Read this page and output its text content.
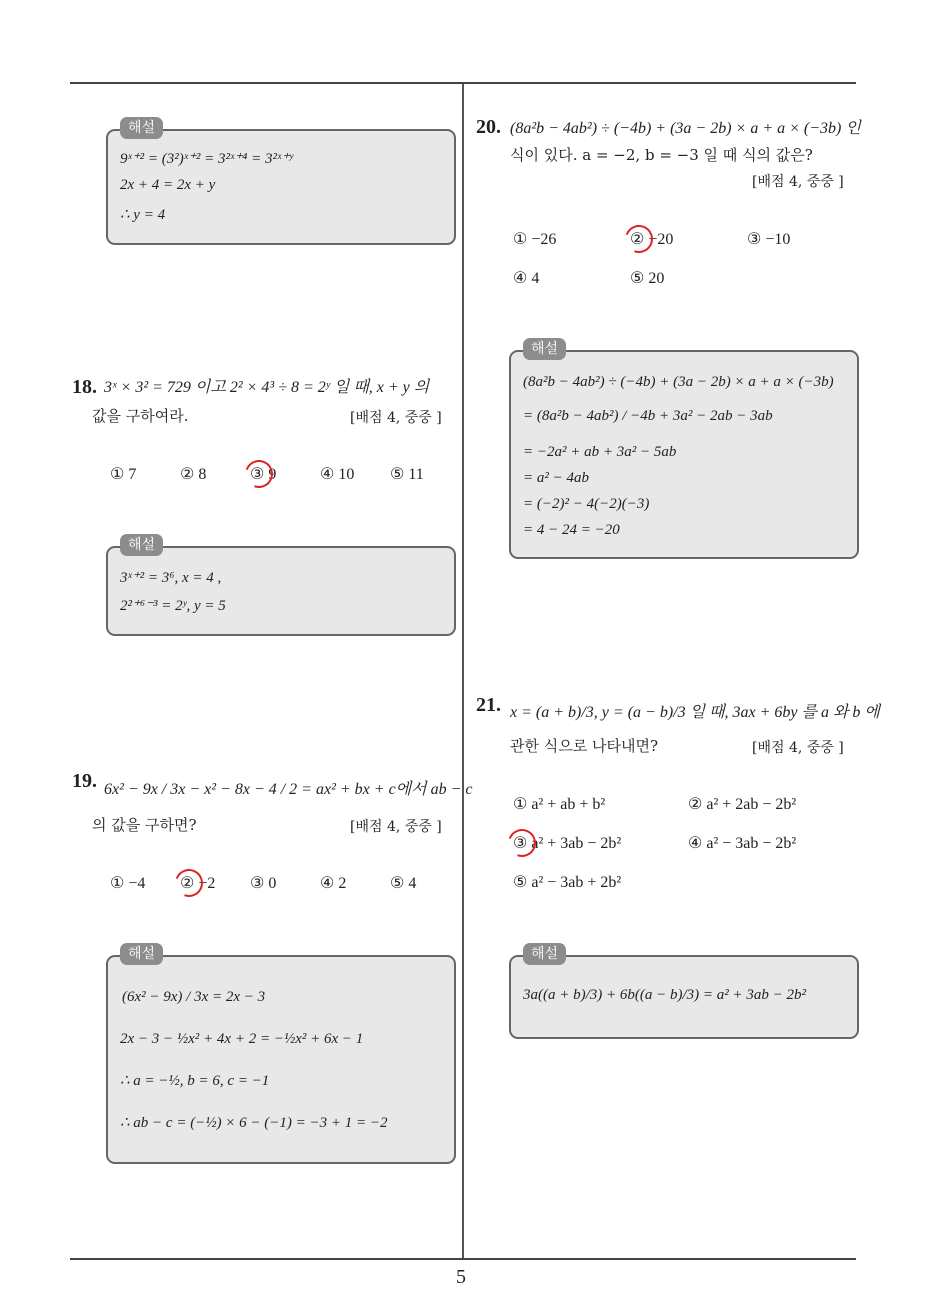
해설
9ˣ⁺² = (3²)ˣ⁺² = 3²ˣ⁺⁴ = 3²ˣ⁺ʸ
2x + 4 = 2x + y
∴ y = 4
18. 3ˣ × 3² = 729 이고 2² × 4³ ÷ 8 = 2ʸ 일 때, x + y 의
값을 구하여라.	[배점 4, 중중 ]
① 7	② 8	③ 9	④ 10 ⑤ 11
해설
3ˣ⁺² = 3⁶, x = 4 ,
2²⁺⁶⁻³ = 2ʸ, y = 5
19. 6x² − 9x / 3x − x² − 8x − 4 / 2 = ax² + bx + c에서 ab − c
의 값을 구하면?	[배점 4, 중중 ]
① −4 ② −2 ③ 0	④ 2	⑤ 4
해설
(6x² − 9x) / 3x = 2x − 3
2x − 3 − ½x² + 4x + 2 = −½x² + 6x − 1
∴ a = −½, b = 6, c = −1
∴ ab − c = (−½) × 6 − (−1) = −3 + 1 = −2
20. (8a²b − 4ab²) ÷ (−4b) + (3a − 2b) × a + a × (−3b) 인
식이 있다. a = −2, b = −3 일 때 식의 값은?
[배점 4, 중중 ]
① −26	② −20	③ −10
④ 4	⑤ 20
해설
(8a²b − 4ab²) ÷ (−4b) + (3a − 2b) × a + a × (−3b)
= (8a²b − 4ab²) / −4b + 3a² − 2ab − 3ab
= −2a² + ab + 3a² − 5ab
= a² − 4ab
= (−2)² − 4(−2)(−3)
= 4 − 24 = −20
21. x = (a + b)/3, y = (a − b)/3 일 때, 3ax + 6by 를 a 와 b 에
관한 식으로 나타내면?	[배점 4, 중중 ]
① a² + ab + b²	② a² + 2ab − 2b²
③ a² + 3ab − 2b²	④ a² − 3ab − 2b²
⑤ a² − 3ab + 2b²
해설
3a((a + b)/3) + 6b((a − b)/3) = a² + 3ab − 2b²
5
